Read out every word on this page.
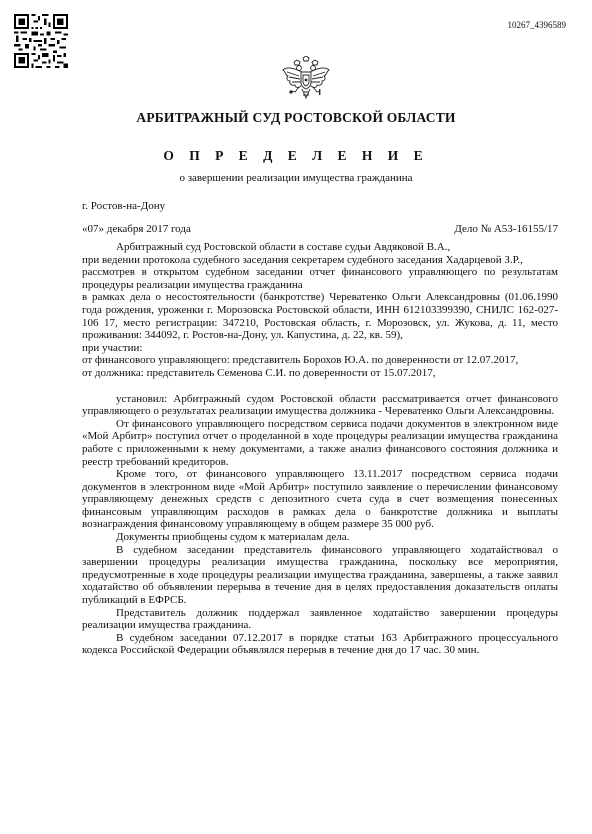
10267_4396589
АРБИТРАЖНЫЙ СУД РОСТОВСКОЙ ОБЛАСТИ
О П Р Е Д Е Л Е Н И Е
о завершении реализации имущества гражданина
г. Ростов-на-Дону
«07» декабря 2017 года	Дело № А53-16155/17

Арбитражный суд Ростовской области в составе судьи Авдяковой В.А.,

при ведении протокола судебного заседания секретарем судебного заседания Хадарцевой З.Р.,

рассмотрев в открытом судебном заседании отчет финансового управляющего по результатам процедуры реализации имущества гражданина

в рамках дела о несостоятельности (банкротстве) Череватенко Ольги Александровны (01.06.1990 года рождения, уроженки г. Морозовска Ростовской области, ИНН 612103399390, СНИЛС 162-027-106 17, место регистрации: 347210, Ростовская область, г. Морозовск, ул. Жукова, д. 11, место проживания: 344092, г. Ростов-на-Дону, ул. Капустина, д. 22, кв. 59),

при участии:

от финансового управляющего: представитель Борохов Ю.А. по доверенности от 12.07.2017,

от должника: представитель Семенова С.И. по доверенности от 15.07.2017,

установил: Арбитражный судом Ростовской области рассматривается отчет финансового управляющего о результатах реализации имущества должника - Череватенко Ольги Александровны.

От финансового управляющего посредством сервиса подачи документов в электронном виде «Мой Арбитр» поступил отчет о проделанной в ходе процедуры реализации имущества гражданина работе с приложенными к нему документами, а также анализ финансового состояния должника и реестр требований кредиторов.

Кроме того, от финансового управляющего 13.11.2017 посредством сервиса подачи документов в электронном виде «Мой Арбитр» поступило заявление о перечислении финансовому управляющему денежных средств с депозитного счета суда в счет возмещения понесенных финансовым управляющим расходов в рамках дела о банкротстве должника и выплаты вознаграждения финансовому управляющему в общем размере 35 000 руб.

Документы приобщены судом к материалам дела.

В судебном заседании представитель финансового управляющего ходатайствовал о завершении процедуры реализации имущества гражданина, поскольку все мероприятия, предусмотренные в ходе процедуры реализации имущества гражданина, завершены, а также заявил ходатайство об объявлении перерыва в течение дня в целях предоставления доказательств оплаты публикаций в ЕФРСБ.

Представитель должник поддержал заявленное ходатайство завершении процедуры реализации имущества гражданина.

В судебном заседании 07.12.2017 в порядке статьи 163 Арбитражного процессуального кодекса Российской Федерации объявлялся перерыв в течение дня до 17 час. 30 мин.
